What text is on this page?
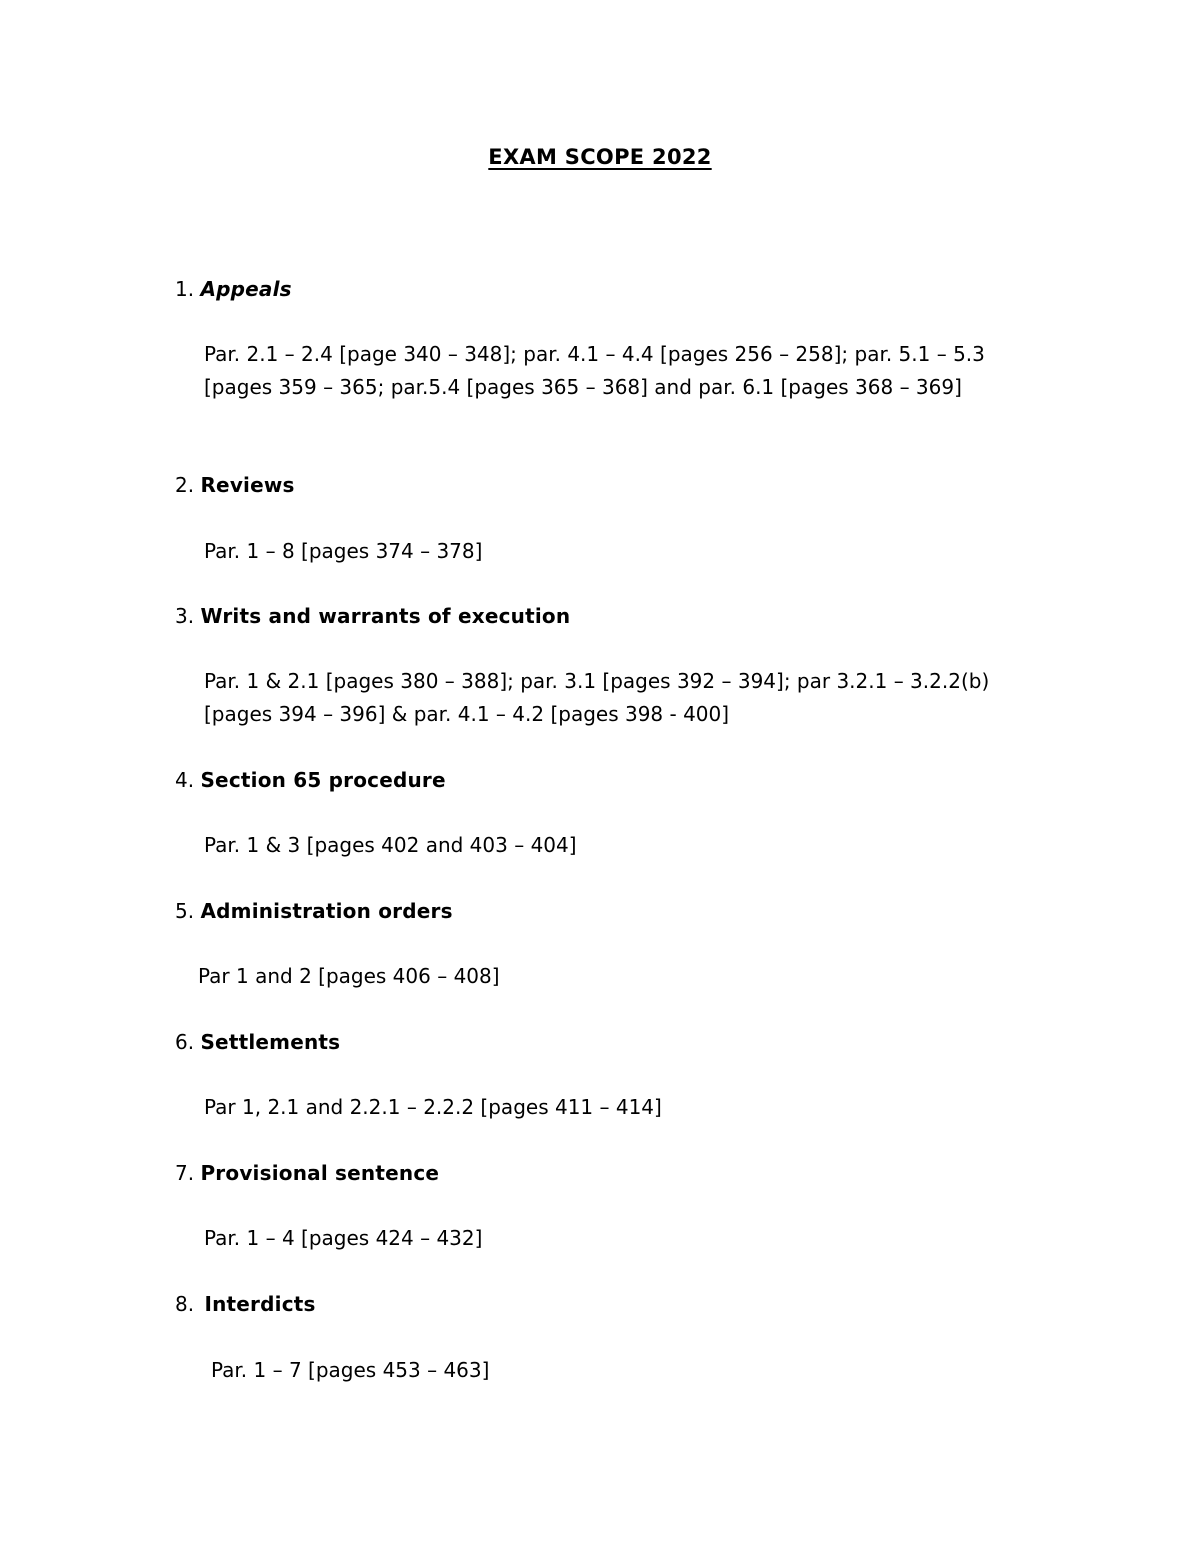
EXAM SCOPE 2022
1. Appeals
Par. 2.1 – 2.4 [page 340 – 348]; par. 4.1 – 4.4 [pages 256 – 258]; par. 5.1 – 5.3 [pages 359 – 365; par.5.4 [pages 365 – 368] and par. 6.1 [pages 368 – 369]
2. Reviews
Par. 1 – 8 [pages 374 – 378]
3. Writs and warrants of execution
Par. 1 & 2.1 [pages 380 – 388]; par. 3.1 [pages 392 – 394]; par 3.2.1 – 3.2.2(b) [pages 394 – 396] & par. 4.1 – 4.2 [pages 398 - 400]
4. Section 65 procedure
Par. 1 & 3 [pages 402 and 403 – 404]
5. Administration orders
Par 1 and 2 [pages 406 – 408]
6. Settlements
Par 1, 2.1 and 2.2.1 – 2.2.2 [pages 411 – 414]
7. Provisional sentence
Par. 1 – 4 [pages 424 – 432]
8. Interdicts
Par. 1 – 7 [pages 453 – 463]
